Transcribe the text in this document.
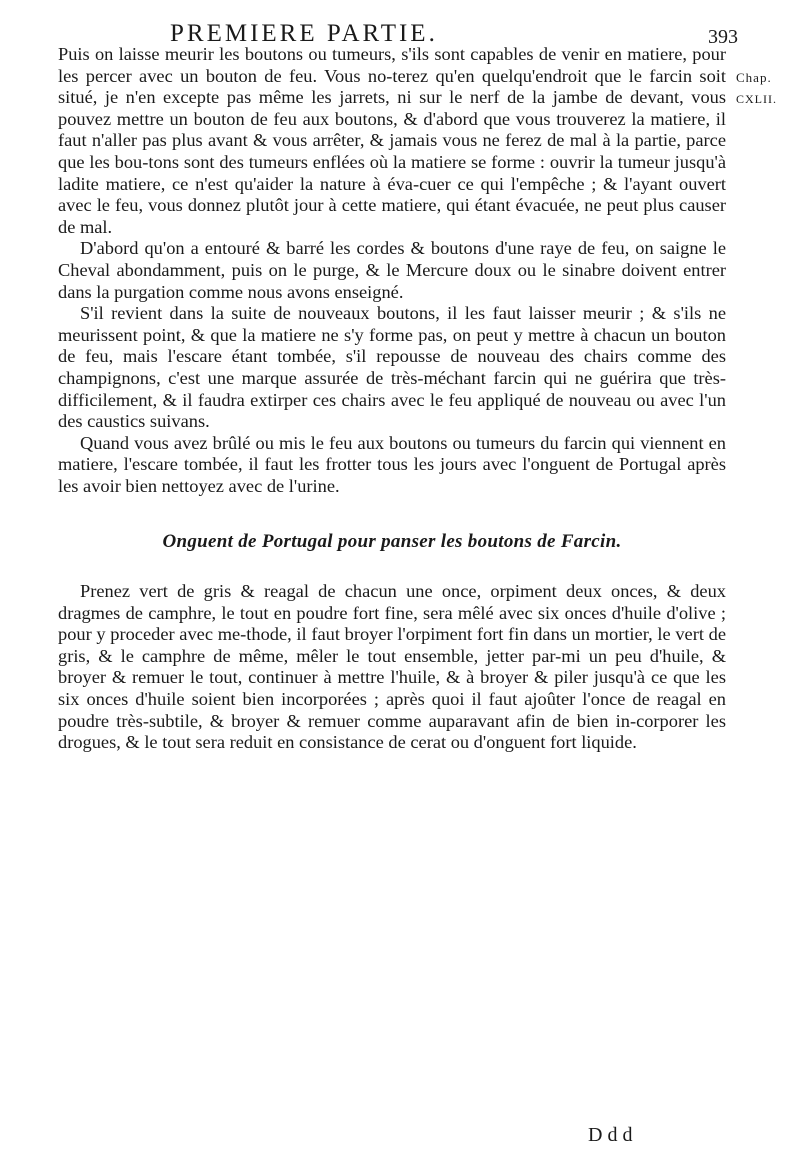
PREMIERE PARTIE.	393
Chap.
CXLII.

Puis on laisse meurir les boutons ou tumeurs, s'ils sont capables de venir en matiere, pour les percer avec un bouton de feu. Vous no-terez qu'en quelqu'endroit que le farcin soit situé, je n'en excepte pas même les jarrets, ni sur le nerf de la jambe de devant, vous pouvez mettre un bouton de feu aux boutons, & d'abord que vous trouverez la matiere, il faut n'aller pas plus avant & vous arrêter, & jamais vous ne ferez de mal à la partie, parce que les bou-tons sont des tumeurs enflées où la matiere se forme : ouvrir la tumeur jusqu'à ladite matiere, ce n'est qu'aider la nature à éva-cuer ce qui l'empêche ; & l'ayant ouvert avec le feu, vous donnez plutôt jour à cette matiere, qui étant évacuée, ne peut plus causer de mal.

D'abord qu'on a entouré & barré les cordes & boutons d'une raye de feu, on saigne le Cheval abondamment, puis on le purge, & le Mercure doux ou le sinabre doivent entrer dans la purgation comme nous avons enseigné.

S'il revient dans la suite de nouveaux boutons, il les faut laisser meurir ; & s'ils ne meurissent point, & que la matiere ne s'y forme pas, on peut y mettre à chacun un bouton de feu, mais l'escare étant tombée, s'il repousse de nouveau des chairs comme des champignons, c'est une marque assurée de très-méchant farcin qui ne guérira que très-difficilement, & il faudra extirper ces chairs avec le feu appliqué de nouveau ou avec l'un des caustics suivans.

Quand vous avez brûlé ou mis le feu aux boutons ou tumeurs du farcin qui viennent en matiere, l'escare tombée, il faut les frotter tous les jours avec l'onguent de Portugal après les avoir bien nettoyez avec de l'urine.

Onguent de Portugal pour panser les boutons de Farcin.

Prenez vert de gris & reagal de chacun une once, orpiment deux onces, & deux dragmes de camphre, le tout en poudre fort fine, sera mêlé avec six onces d'huile d'olive ; pour y proceder avec me-thode, il faut broyer l'orpiment fort fin dans un mortier, le vert de gris, & le camphre de même, mêler le tout ensemble, jetter par-mi un peu d'huile, & broyer & remuer le tout, continuer à mettre l'huile, & à broyer & piler jusqu'à ce que les six onces d'huile soient bien incorporées ; après quoi il faut ajoûter l'once de reagal en poudre très-subtile, & broyer & remuer comme auparavant afin de bien in-corporer les drogues, & le tout sera reduit en consistance de cerat ou d'onguent fort liquide.

D d d
